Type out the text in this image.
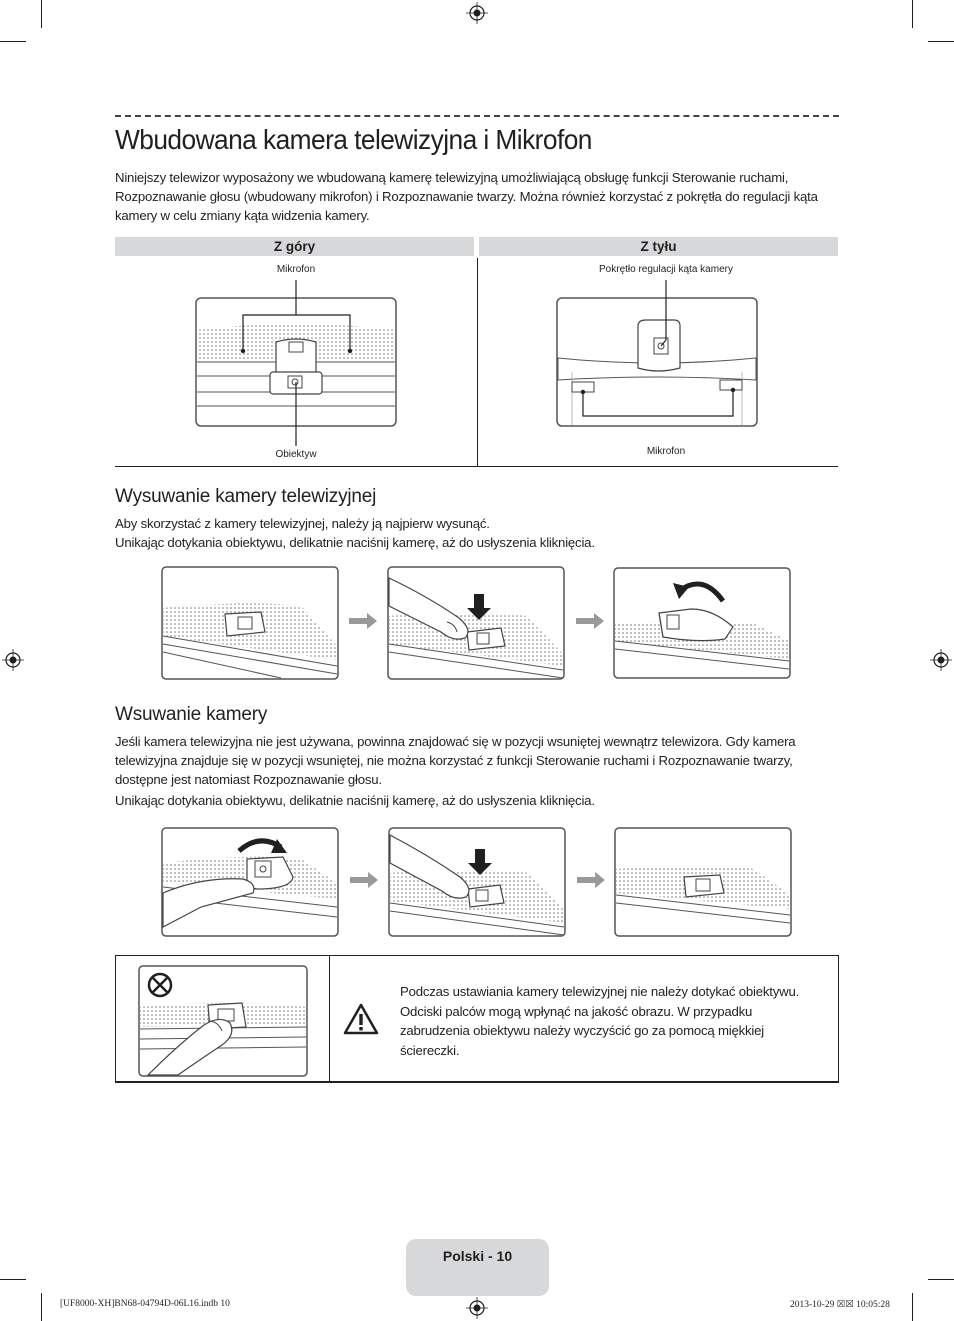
Wbudowana kamera telewizyjna i Mikrofon

Niniejszy telewizor wyposażony we wbudowaną kamerę telewizyjną umożliwiającą obsługę funkcji Sterowanie ruchami, Rozpoznawanie głosu (wbudowany mikrofon) i Rozpoznawanie twarzy. Można również korzystać z pokrętła do regulacji kąta kamery w celu zmiany kąta widzenia kamery.

Z góry	Z tyłu
Mikrofon
Obiektyw
Pokrętło regulacji kąta kamery
Mikrofon
Wysuwanie kamery telewizyjnej

Aby skorzystać z kamery telewizyjnej, należy ją najpierw wysunąć.

Unikając dotykania obiektywu, delikatnie naciśnij kamerę, aż do usłyszenia kliknięcia.

Wsuwanie kamery

Jeśli kamera telewizyjna nie jest używana, powinna znajdować się w pozycji wsuniętej wewnątrz telewizora. Gdy kamera telewizyjna znajduje się w pozycji wsuniętej, nie można korzystać z funkcji Sterowanie ruchami i Rozpoznawanie twarzy, dostępne jest natomiast Rozpoznawanie głosu.

Unikając dotykania obiektywu, delikatnie naciśnij kamerę, aż do usłyszenia kliknięcia.

Podczas ustawiania kamery telewizyjnej nie należy dotykać obiektywu. Odciski palców mogą wpłynąć na jakość obrazu. W przypadku zabrudzenia obiektywu należy wyczyścić go za pomocą miękkiej ściereczki.
Polski - 10
[UF8000-XH]BN68-04794D-06L16.indb 10	2013-10-29 ☒☒ 10:05:28
